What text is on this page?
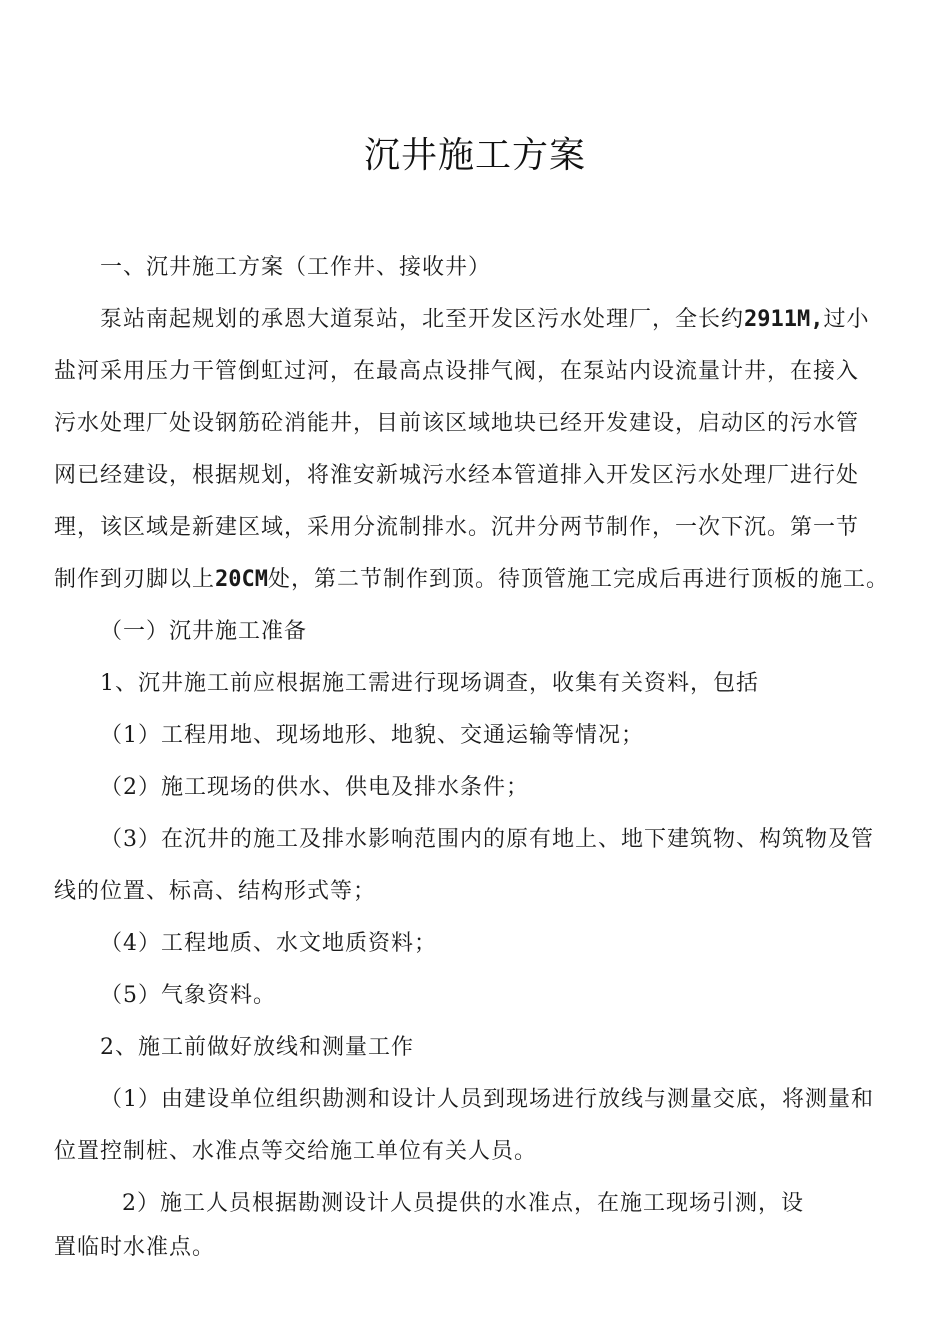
沉井施工方案
一、沉井施工方案（工作井、接收井）
泵站南起规划的承恩大道泵站，北至开发区污水处理厂，全长约2911M,过小
盐河采用压力干管倒虹过河，在最高点设排气阀，在泵站内设流量计井，在接入
污水处理厂处设钢筋砼消能井，目前该区域地块已经开发建设，启动区的污水管
网已经建设，根据规划，将淮安新城污水经本管道排入开发区污水处理厂进行处
理，该区域是新建区域，采用分流制排水。沉井分两节制作，一次下沉。第一节
制作到刃脚以上20CM处，第二节制作到顶。待顶管施工完成后再进行顶板的施工。
（一）沉井施工准备
1、沉井施工前应根据施工需进行现场调查，收集有关资料，包括
（1）工程用地、现场地形、地貌、交通运输等情况；
（2）施工现场的供水、供电及排水条件；
（3）在沉井的施工及排水影响范围内的原有地上、地下建筑物、构筑物及管
线的位置、标高、结构形式等；
（4）工程地质、水文地质资料；
（5）气象资料。
2、施工前做好放线和测量工作
（1）由建设单位组织勘测和设计人员到现场进行放线与测量交底，将测量和
位置控制桩、水准点等交给施工单位有关人员。
2）施工人员根据勘测设计人员提供的水准点，在施工现场引测，设
置临时水准点。
